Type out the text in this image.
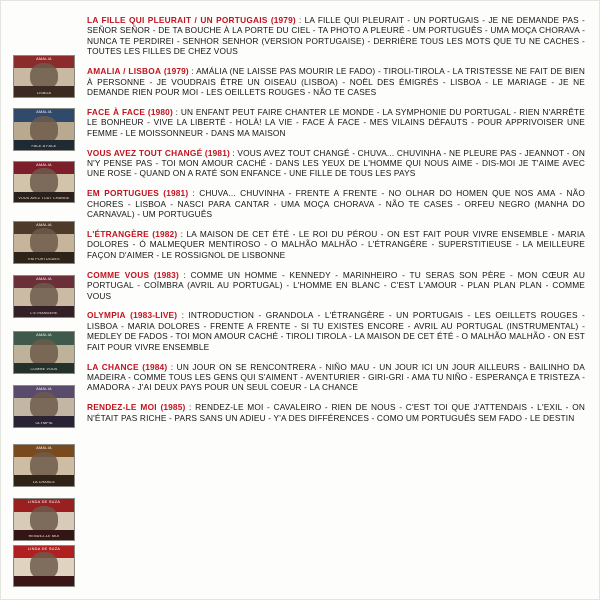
AMALIA
LISBOA
AMALIA
FACE A FACE
AMALIA
VOUS AVEZ TOUT CHANGE
AMALIA
EM PORTUGUES
AMALIA
L'ETRANGERE
AMALIA
COMME VOUS
AMALIA
OLYMPIA
AMALIA
LA CHANCE
LINDA DE SUZA
RENDEZ-LE MOI
LINDA DE SUZA
LA FILLE QUI PLEURAIT / UN PORTUGAIS (1979) : LA FILLE QUI PLEURAIT - UN PORTUGAIS - JE NE DEMANDE PAS - SEÑOR SEÑOR - DE TA BOUCHE À LA PORTE DU CIEL - TA PHOTO A PLEURÉ - UM PORTUGUÊS - UMA MOÇA CHORAVA - NUNCA TE PERDIREI - SENHOR SENHOR (VERSION PORTUGAISE) - DERRIÈRE TOUS LES MOTS QUE TU NE CACHES - TOUTES LES FILLES DE CHEZ VOUS
AMALIA / LISBOA (1979) : AMÁLIA (NE LAISSE PAS MOURIR LE FADO) - TIROLI-TIROLA - LA TRISTESSE NE FAIT DE BIEN À PERSONNE - JE VOUDRAIS ÊTRE UN OISEAU (LISBOA) - NOËL DES ÉMIGRÉS - LISBOA - LE MARIAGE - JE NE DEMANDE RIEN POUR MOI - LES OEILLETS ROUGES - NÃO TE CASES
FACE À FACE (1980) : UN ENFANT PEUT FAIRE CHANTER LE MONDE - LA SYMPHONIE DU PORTUGAL - RIEN N'ARRÊTE LE BONHEUR - VIVE LA LIBERTÉ - HOLÀ! LA VIE - FACE À FACE - MES VILAINS DÉFAUTS - POUR APPRIVOISER UNE FEMME - LE MOISSONNEUR - DANS MA MAISON
VOUS AVEZ TOUT CHANGÉ (1981) : VOUS AVEZ TOUT CHANGÉ - CHUVA... CHUVINHA - NE PLEURE PAS - JEANNOT - ON N'Y PENSE PAS - TOI MON AMOUR CACHÉ - DANS LES YEUX DE L'HOMME QUI NOUS AIME - DIS-MOI JE T'AIME AVEC UNE ROSE - QUAND ON A RATÉ SON ENFANCE - UNE FILLE DE TOUS LES PAYS
EM PORTUGUES (1981) : CHUVA... CHUVINHA - FRENTE A FRENTE - NO OLHAR DO HOMEN QUE NOS AMA - NÃO CHORES - LISBOA - NASCI PARA CANTAR - UMA MOÇA CHORAVA - NÃO TE CASES - ORFEU NEGRO (MANHA DO CARNAVAL) - UM PORTUGUÊS
L'ÉTRANGÈRE (1982) : LA MAISON DE CET ÉTÉ - LE ROI DU PÉROU - ON EST FAIT POUR VIVRE ENSEMBLE - MARIA DOLORES - Ó MALMEQUER MENTIROSO - O MALHÃO MALHÃO - L'ÉTRANGÈRE - SUPERSTITIEUSE - LA MEILLEURE FAÇON D'AIMER - LE ROSSIGNOL DE LISBONNE
COMME VOUS (1983) : COMME UN HOMME - KENNEDY - MARINHEIRO - TU SERAS SON PÈRE - MON CŒUR AU PORTUGAL - COÏMBRA (AVRIL AU PORTUGAL) - L'HOMME EN BLANC - C'EST L'AMOUR - PLAN PLAN PLAN - COMME VOUS
OLYMPIA (1983-LIVE) : INTRODUCTION - GRANDOLA - L'ÉTRANGÈRE - UN PORTUGAIS - LES OEILLETS ROUGES - LISBOA - MARIA DOLORES - FRENTE A FRENTE - SI TU EXISTES ENCORE - AVRIL AU PORTUGAL (INSTRUMENTAL) - MEDLEY DE FADOS - TOI MON AMOUR CACHÉ - TIROLI TIROLA - LA MAISON DE CET ÉTÉ - O MALHÃO MALHÃO - ON EST FAIT POUR VIVRE ENSEMBLE
LA CHANCE (1984) : UN JOUR ON SE RENCONTRERA - NIÑO MAU - UN JOUR ICI UN JOUR AILLEURS - BAILINHO DA MADEIRA - COMME TOUS LES GENS QUI S'AIMENT - AVENTURIER - GIRI-GRI - AMA TU NIÑO - ESPERANÇA E TRISTEZA - AMADORA - J'AI DEUX PAYS POUR UN SEUL COEUR - LA CHANCE
RENDEZ-LE MOI (1985) : RENDEZ-LE MOI - CAVALEIRO - RIEN DE NOUS - C'EST TOI QUE J'ATTENDAIS - L'EXIL - ON N'ÉTAIT PAS RICHE - PARS SANS UN ADIEU - Y'A DES DIFFÉRENCES - COMO UM PORTUGUÊS SEM FADO - LE DESTIN
